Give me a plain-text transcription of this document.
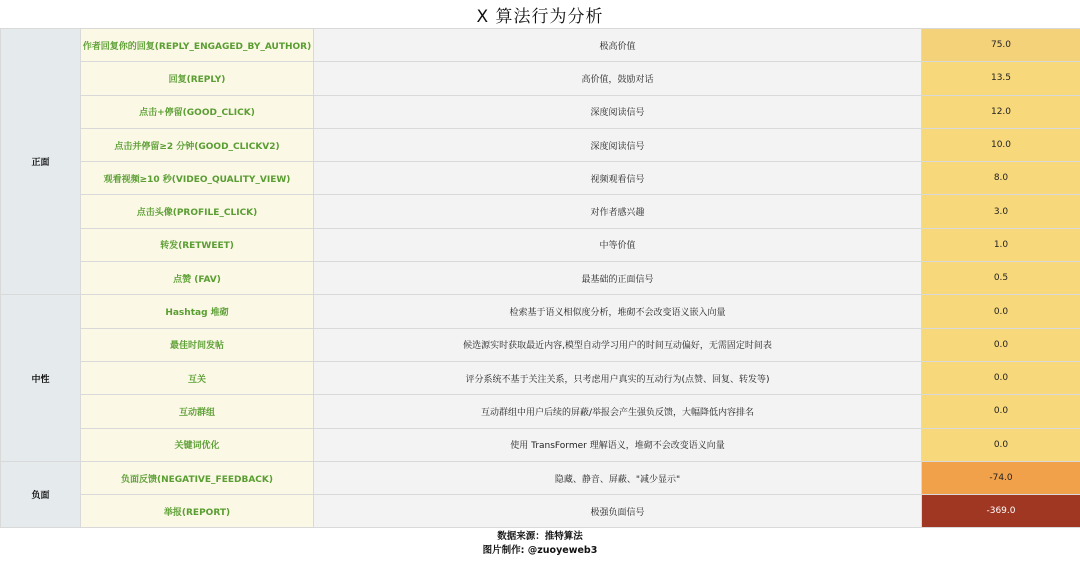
X 算法行为分析
正面	作者回复你的回复(REPLY_ENGAGED_BY_AUTHOR)	极高价值	75.0
	回复(REPLY)	高价值，鼓励对话	13.5
	点击+停留(GOOD_CLICK)	深度阅读信号	12.0
	点击并停留≥2 分钟(GOOD_CLICKV2)	深度阅读信号	10.0
	观看视频≥10 秒(VIDEO_QUALITY_VIEW)	视频观看信号	8.0
	点击头像(PROFILE_CLICK)	对作者感兴趣	3.0
	转发(RETWEET)	中等价值	1.0
	点赞 (FAV)	最基础的正面信号	0.5
中性	Hashtag 堆砌	检索基于语义相似度分析，堆砌不会改变语义嵌入向量	0.0
	最佳时间发帖	候选源实时获取最近内容,模型自动学习用户的时间互动偏好，无需固定时间表	0.0
	互关	评分系统不基于关注关系，只考虑用户真实的互动行为(点赞、回复、转发等)	0.0
	互动群组	互动群组中用户后续的屏蔽/举报会产生强负反馈，大幅降低内容排名	0.0
	关键词优化	使用 TransFormer 理解语义，堆砌不会改变语义向量	0.0
负面	负面反馈(NEGATIVE_FEEDBACK)	隐藏、静音、屏蔽、"减少显示"	-74.0
	举报(REPORT)	极强负面信号	-369.0
数据来源：推特算法
图片制作: @zuoyeweb3
